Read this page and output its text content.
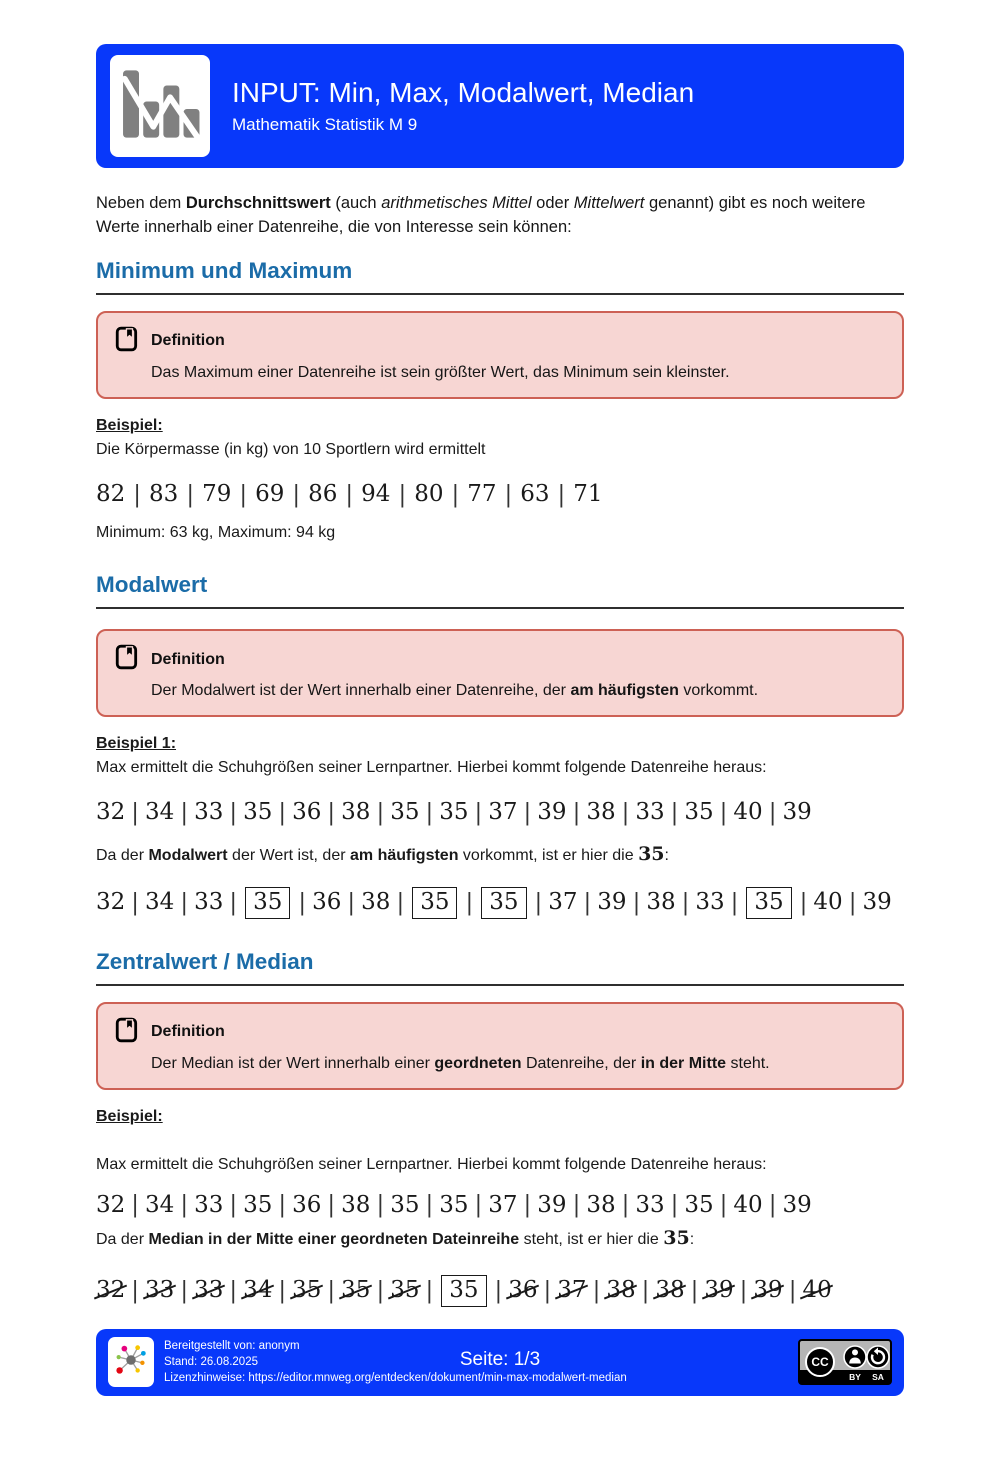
INPUT: Min, Max, Modalwert, Median
Mathematik Statistik M 9

Neben dem Durchschnittswert (auch arithmetisches Mittel oder Mittelwert genannt) gibt es noch weitere Werte innerhalb einer Datenreihe, die von Interesse sein können:

Minimum und Maximum
Definition
Das Maximum einer Datenreihe ist sein größter Wert, das Minimum sein kleinster.
Beispiel:
Die Körpermasse (in kg) von 10 Sportlern wird ermittelt
82 | 83 | 79 | 69 | 86 | 94 | 80 | 77 | 63 | 71
Minimum: 63 kg, Maximum: 94 kg
Modalwert
Definition
Der Modalwert ist der Wert innerhalb einer Datenreihe, der am häufigsten vorkommt.
Beispiel 1:
Max ermittelt die Schuhgrößen seiner Lernpartner. Hierbei kommt folgende Datenreihe heraus:
32 | 34 | 33 | 35 | 36 | 38 | 35 | 35 | 37 | 39 | 38 | 33 | 35 | 40 | 39
Da der Modalwert der Wert ist, der am häufigsten vorkommt, ist er hier die 35:
32 | 34 | 33 | 35 | 36 | 38 | 35 | 35 | 37 | 39 | 38 | 33 | 35 | 40 | 39
Zentralwert / Median
Definition
Der Median ist der Wert innerhalb einer geordneten Datenreihe, der in der Mitte steht.
Beispiel:
Max ermittelt die Schuhgrößen seiner Lernpartner. Hierbei kommt folgende Datenreihe heraus:
32 | 34 | 33 | 35 | 36 | 38 | 35 | 35 | 37 | 39 | 38 | 33 | 35 | 40 | 39
Da der Median in der Mitte einer geordneten Dateinreihe steht, ist er hier die 35:
32 | 33 | 33 | 34 | 35 | 35 | 35 | 35 | 36 | 37 | 38 | 38 | 39 | 39 | 40
Bereitgestellt von: anonym
Stand: 26.08.2025
Lizenzhinweise: https://editor.mnweg.org/entdecken/dokument/min-max-modalwert-median
Seite: 1/3	CC
BY	SA
